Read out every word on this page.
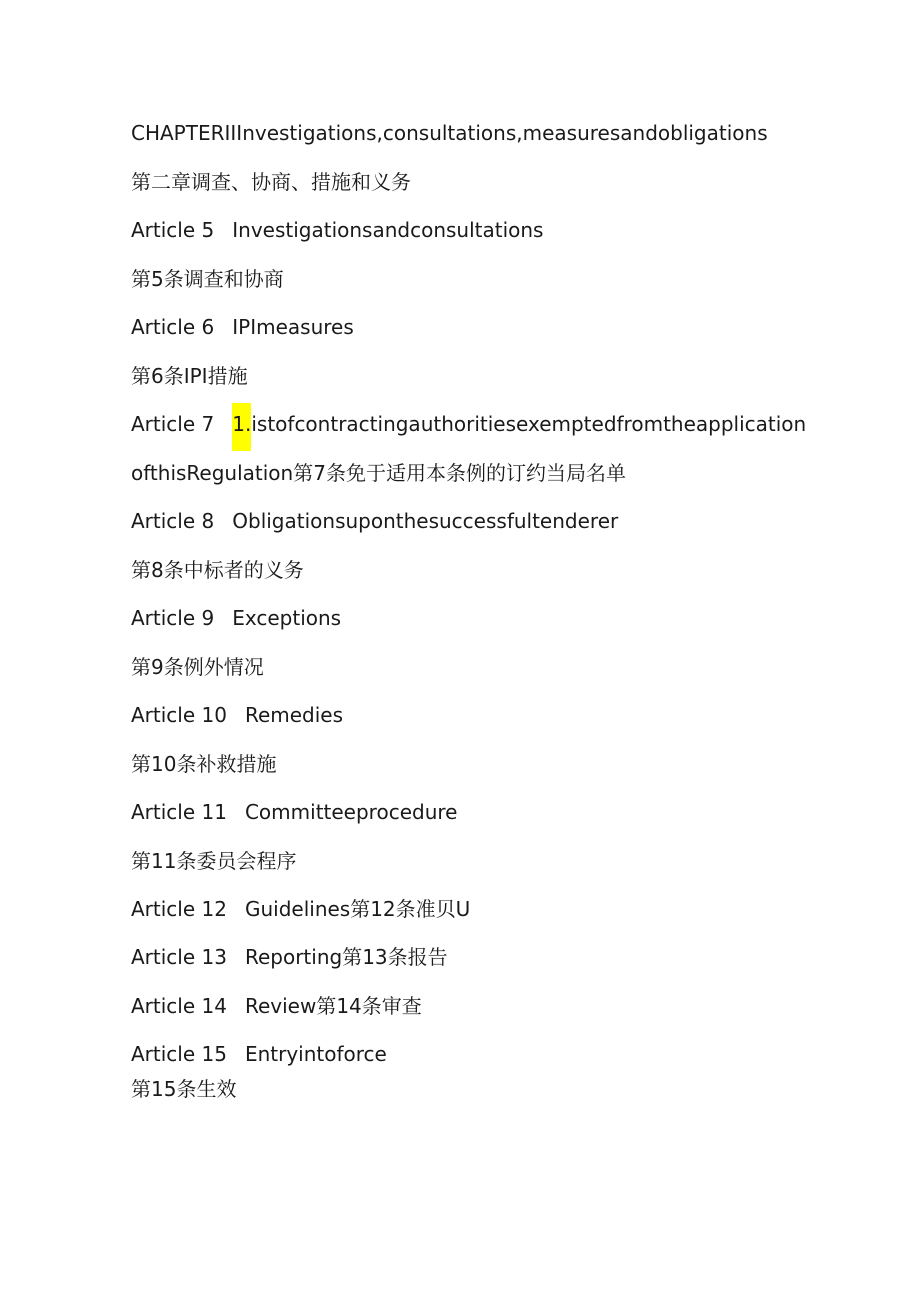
CHAPTERIIInvestigations,consultations,measuresandobligations
第二章调查、协商、措施和义务
Article 5 Investigationsandconsultations
第5条调查和协商
Article 6 IPImeasures
第6条IPI措施
Article 7 1.istofcontractingauthoritiesexemptedfromtheapplication
ofthisRegulation第7条免于适用本条例的订约当局名单
Article 8 Obligationsuponthesuccessfultenderer
第8条中标者的义务
Article 9 Exceptions
第9条例外情况
Article 10 Remedies
第10条补救措施
Article 11 Committeeprocedure
第11条委员会程序
Article 12 Guidelines第12条准贝U
Article 13 Reporting第13条报告
Article 14 Review第14条审查
Article 15 Entryintoforce
第15条生效
